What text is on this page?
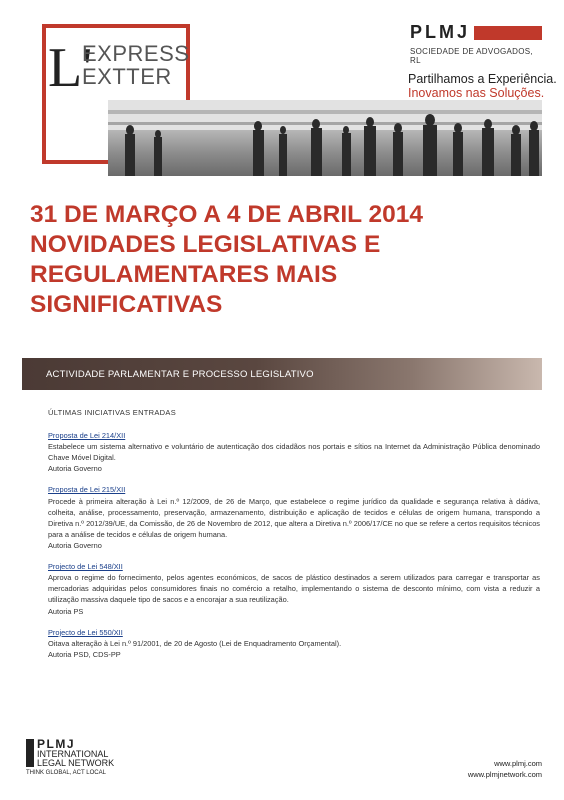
L'
EXPRESS
EXTTER
PLMJ
SOCIEDADE DE ADVOGADOS, RL
Partilhamos a Experiência.
Inovamos nas Soluções.
31 DE MARÇO A 4 DE ABRIL 2014
NOVIDADES LEGISLATIVAS E
REGULAMENTARES MAIS
SIGNIFICATIVAS
ACTIVIDADE PARLAMENTAR E PROCESSO LEGISLATIVO
ÚLTIMAS INICIATIVAS ENTRADAS
Proposta de Lei 214/XII
Estabelece um sistema alternativo e voluntário de autenticação dos cidadãos nos portais e sítios na Internet da Administração Pública denominado Chave Móvel Digital.
Autoria Governo
Proposta de Lei 215/XII
Procede à primeira alteração à Lei n.º 12/2009, de 26 de Março, que estabelece o regime jurídico da qualidade e segurança relativa à dádiva, colheita, análise, processamento, preservação, armazenamento, distribuição e aplicação de tecidos e células de origem humana, transpondo a Diretiva n.º 2012/39/UE, da Comissão, de 26 de Novembro de 2012, que altera a Diretiva n.º 2006/17/CE no que se refere a certos requisitos técnicos para a análise de tecidos e células de origem humana.
Autoria Governo
Projecto de Lei 548/XII
Aprova o regime do fornecimento, pelos agentes económicos, de sacos de plástico destinados a serem utilizados para carregar e transportar as mercadorias adquiridas pelos consumidores finais no comércio a retalho, implementando o sistema de desconto mínimo, com vista a reduzir a utilização massiva daquele tipo de sacos e a encorajar a sua reutilização.
Autoria PS
Projecto de Lei 550/XII
Oitava alteração à Lei n.º 91/2001, de 20 de Agosto (Lei de Enquadramento Orçamental).
Autoria PSD, CDS-PP
PLMJ
INTERNATIONAL
LEGAL NETWORK
THINK GLOBAL, ACT LOCAL
www.plmj.com
www.plmjnetwork.com
